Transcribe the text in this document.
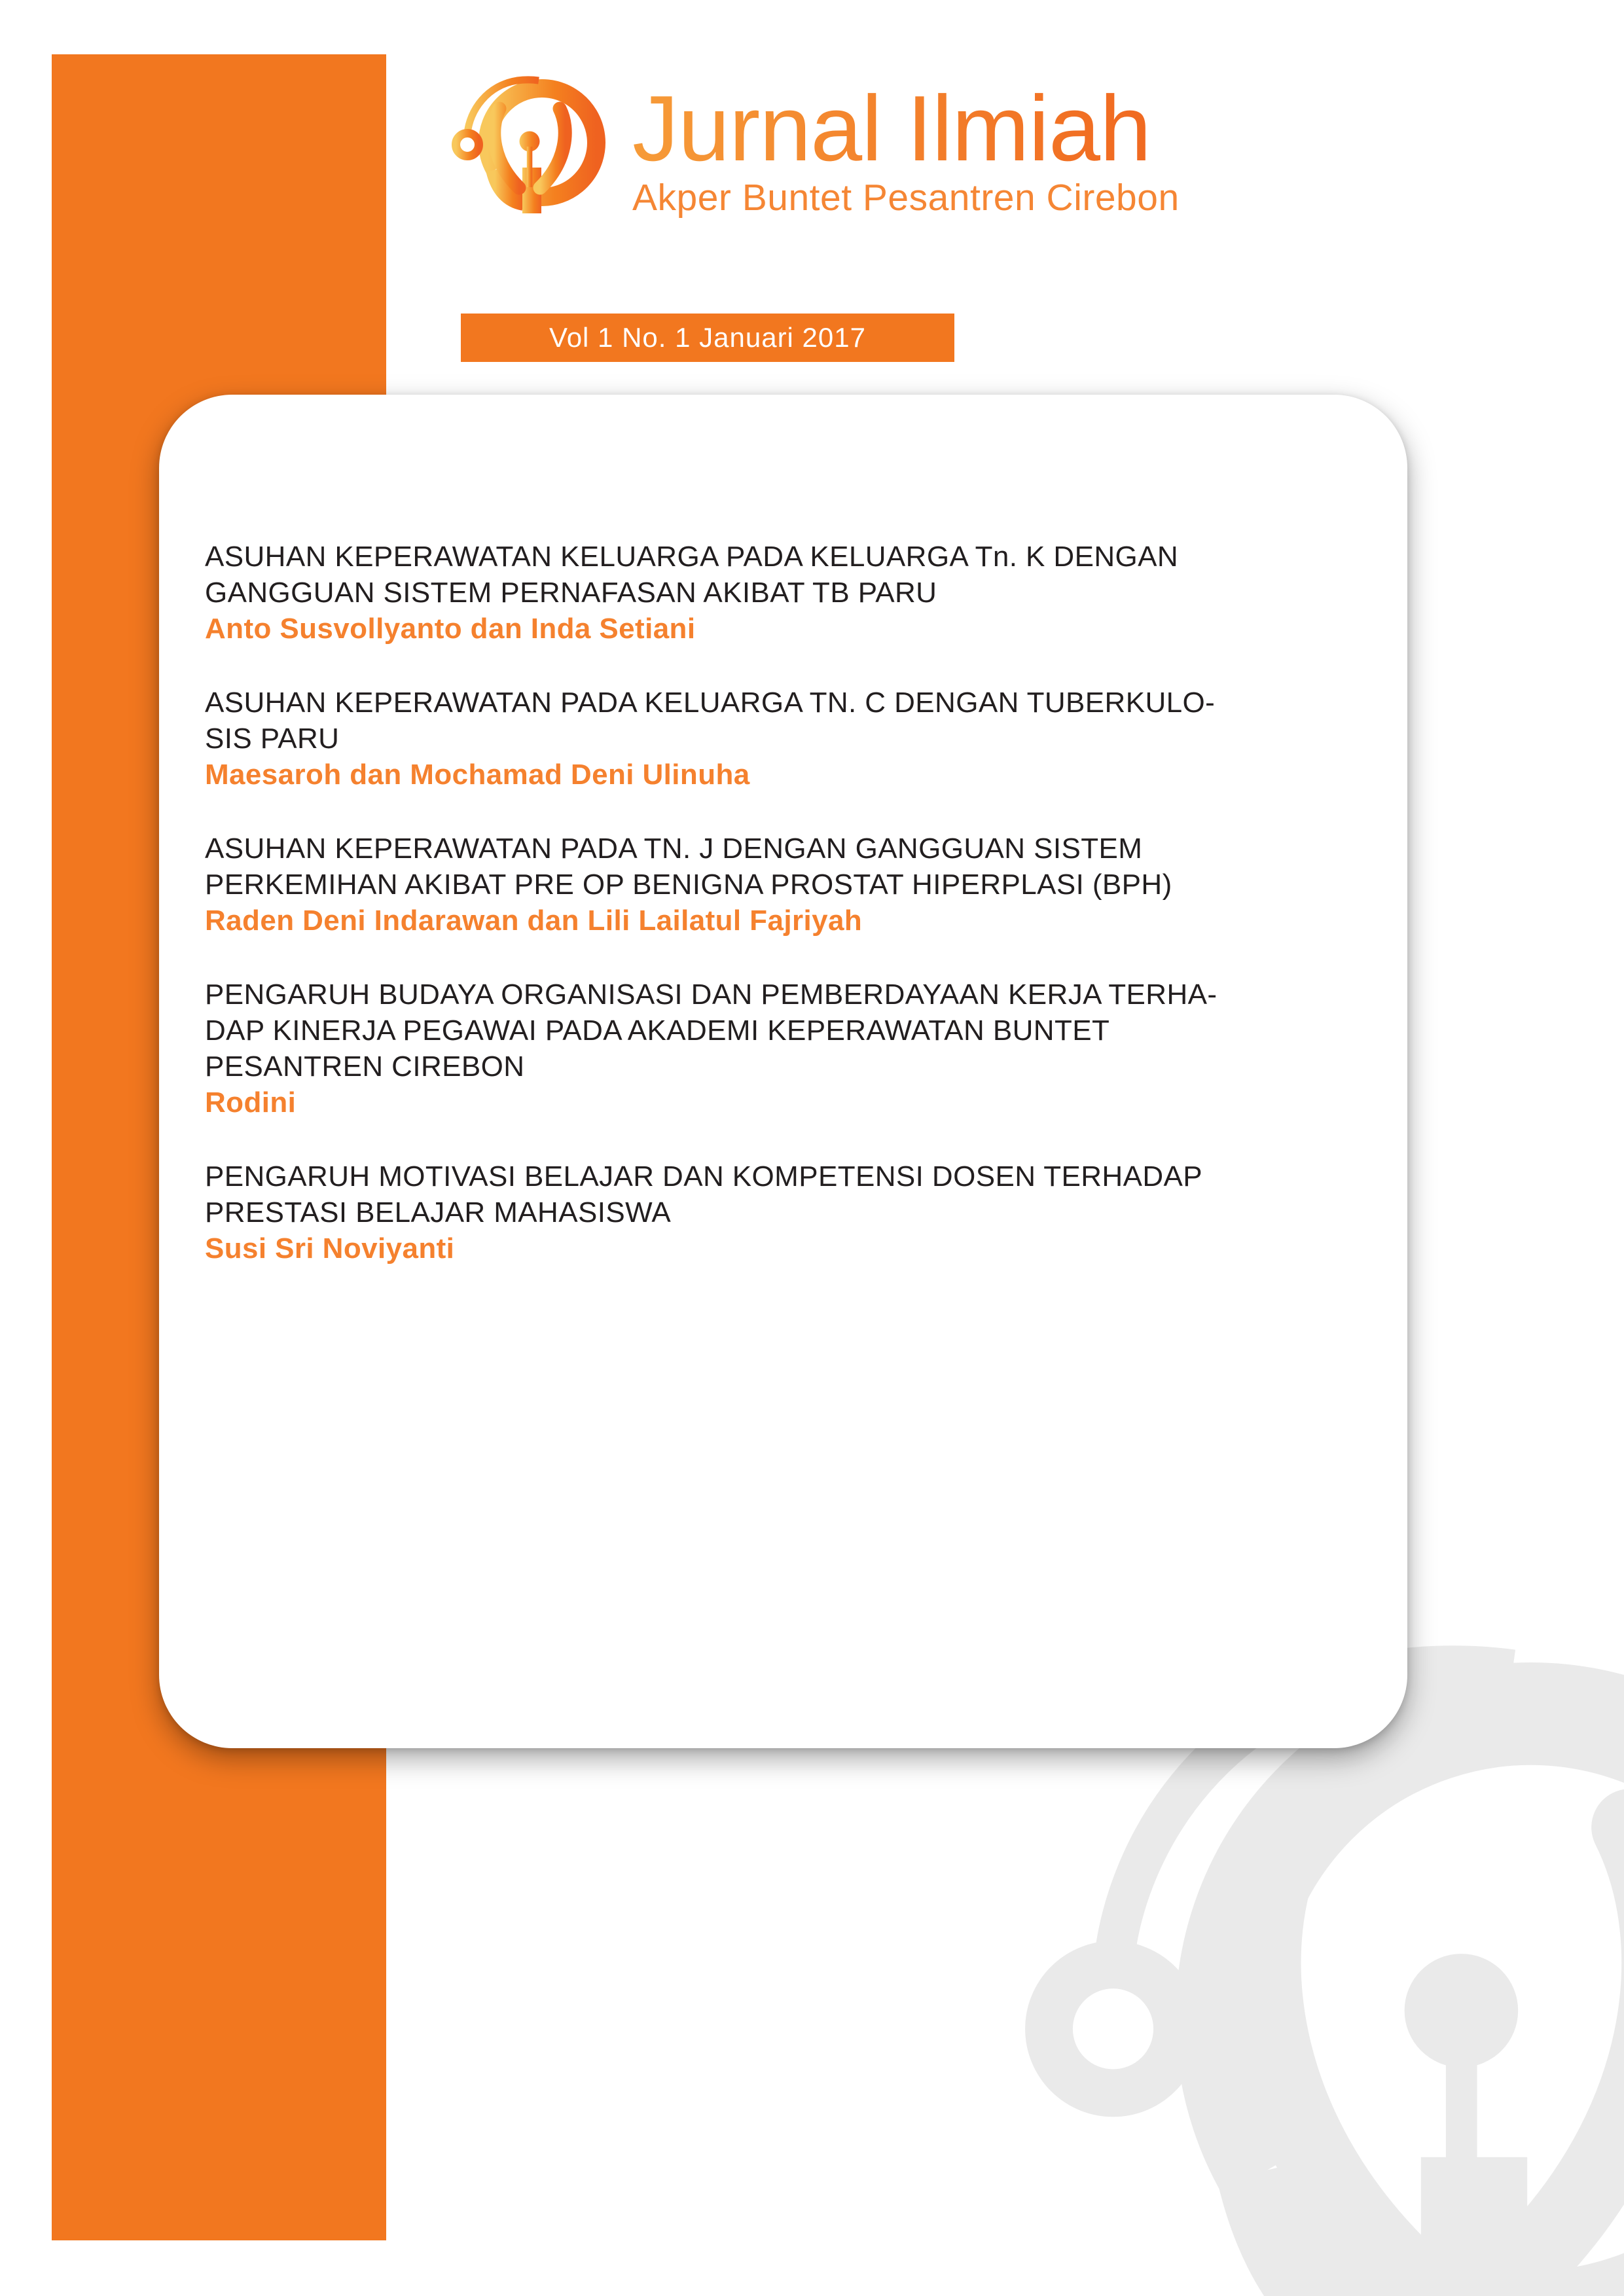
Jurnal Ilmiah
Akper Buntet Pesantren Cirebon
Vol 1 No. 1 Januari 2017
ASUHAN KEPERAWATAN KELUARGA PADA KELUARGA Tn. K DENGAN
GANGGUAN SISTEM PERNAFASAN AKIBAT TB PARU
Anto Susvollyanto dan Inda Setiani
ASUHAN KEPERAWATAN PADA KELUARGA TN. C DENGAN TUBERKULO-
SIS PARU
Maesaroh dan Mochamad Deni Ulinuha
ASUHAN KEPERAWATAN PADA TN. J DENGAN GANGGUAN SISTEM
PERKEMIHAN AKIBAT PRE OP BENIGNA PROSTAT HIPERPLASI (BPH)
Raden Deni Indarawan dan Lili Lailatul Fajriyah
PENGARUH BUDAYA ORGANISASI DAN PEMBERDAYAAN KERJA TERHA-
DAP KINERJA PEGAWAI PADA AKADEMI KEPERAWATAN BUNTET
PESANTREN CIREBON
Rodini
PENGARUH MOTIVASI BELAJAR DAN KOMPETENSI DOSEN TERHADAP
PRESTASI BELAJAR MAHASISWA
Susi Sri Noviyanti
